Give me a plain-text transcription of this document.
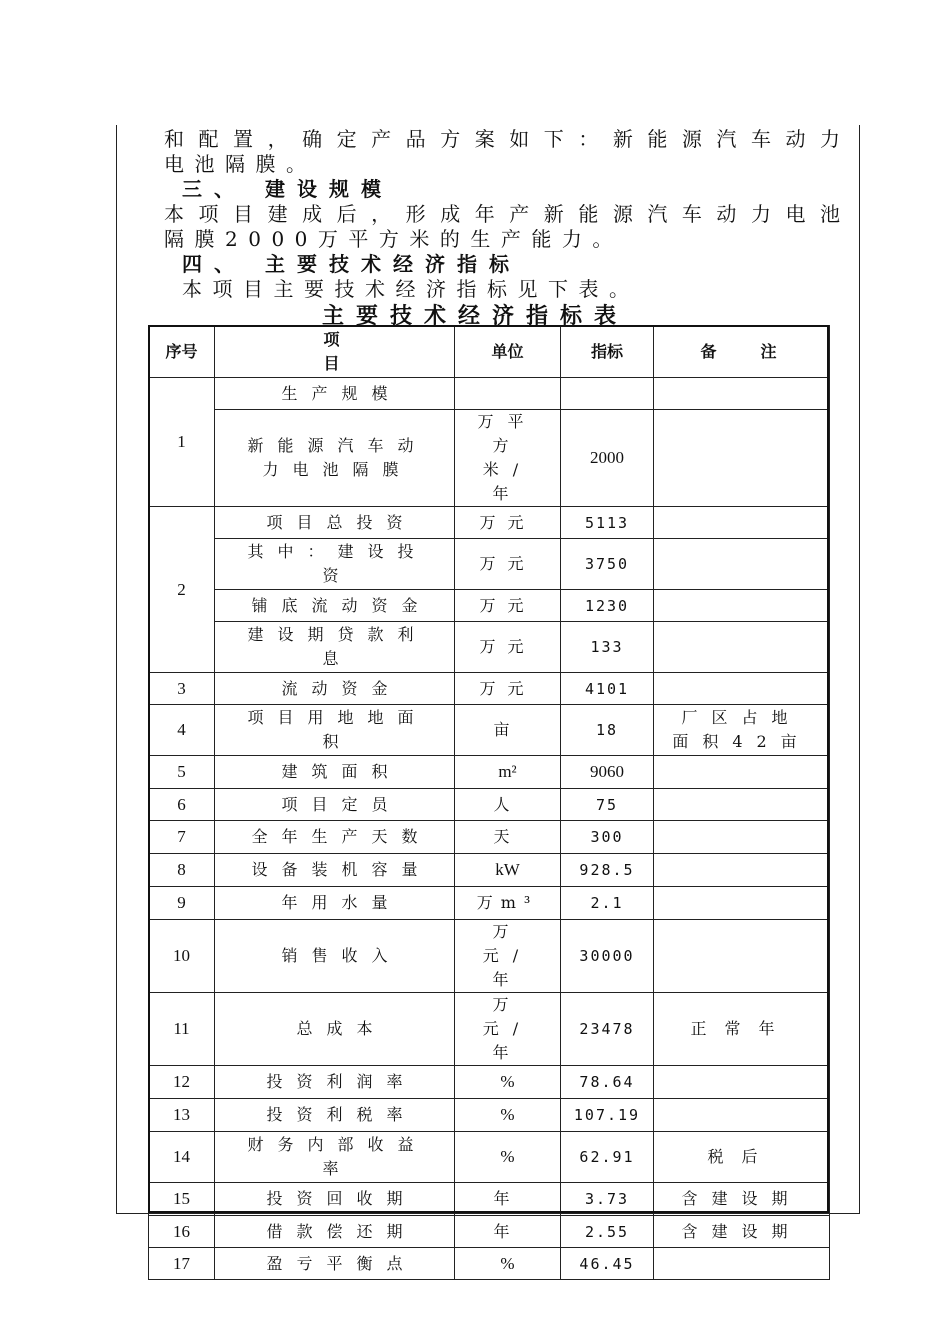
和配置，确定产品方案如下：新能源汽车动力
电池隔膜。
三、 建设规模
本项目建成后，形成年产新能源汽车动力电池
隔膜2000万平方米的生产能力。
四、 主要技术经济指标
本项目主要技术经济指标见下表。
主要技术经济指标表
序号	项目	单位	指标	备注
1	生产规模			
	新能源汽车动力电池隔膜	万平方米/年	2000	
2	项目总投资	万元	5113	
	其中：建设投资	万元	3750	
	铺底流动资金	万元	1230	
	建设期贷款利息	万元	133	
3	流动资金	万元	4101	
4	项目用地地面积	亩	18	厂区占地面积42亩
5	建筑面积	m²	9060	
6	项目定员	人	75	
7	全年生产天数	天	300	
8	设备装机容量	kW	928.5	
9	年用水量	万m³	2.1	
10	销售收入	万元/年	30000	
11	总成本	万元/年	23478	正常年
12	投资利润率	%	78.64	
13	投资利税率	%	107.19	
14	财务内部收益率	%	62.91	税后
15	投资回收期	年	3.73	含建设期
16	借款偿还期	年	2.55	含建设期
17	盈亏平衡点	%	46.45	
